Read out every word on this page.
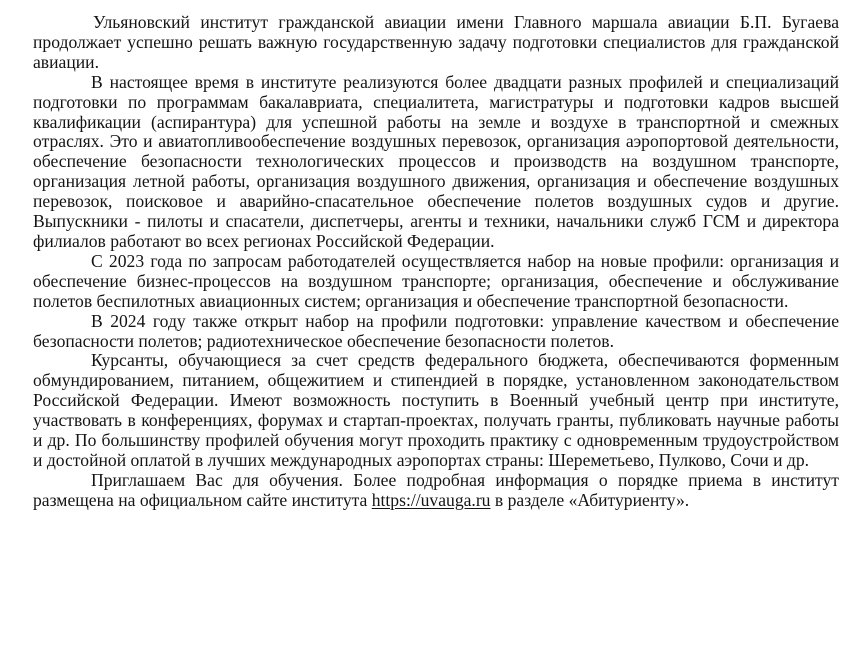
Ульяновский институт гражданской авиации имени Главного маршала авиации Б.П. Бугаева продолжает успешно решать важную государственную задачу подготовки специалистов для гражданской авиации.

В настоящее время в институте реализуются более двадцати разных профилей и специализаций подготовки по программам бакалавриата, специалитета, магистратуры и подготовки кадров высшей квалификации (аспирантура) для успешной работы на земле и воздухе в транспортной и смежных отраслях. Это и авиатопливообеспечение воздушных перевозок, организация аэропортовой деятельности, обеспечение безопасности технологических процессов и производств на воздушном транспорте, организация летной работы, организация воздушного движения, организация и обеспечение воздушных перевозок, поисковое и аварийно-спасательное обеспечение полетов воздушных судов и другие. Выпускники - пилоты и спасатели, диспетчеры, агенты и техники, начальники служб ГСМ и директора филиалов работают во всех регионах Российской Федерации.

С 2023 года по запросам работодателей осуществляется набор на новые профили: организация и обеспечение бизнес-процессов на воздушном транспорте; организация, обеспечение и обслуживание полетов беспилотных авиационных систем; организация и обеспечение транспортной безопасности.

В 2024 году также открыт набор на профили подготовки: управление качеством и обеспечение безопасности полетов; радиотехническое обеспечение безопасности полетов.

Курсанты, обучающиеся за счет средств федерального бюджета, обеспечиваются форменным обмундированием, питанием, общежитием и стипендией в порядке, установленном законодательством Российской Федерации. Имеют возможность поступить в Военный учебный центр при институте, участвовать в конференциях, форумах и стартап-проектах, получать гранты, публиковать научные работы и др. По большинству профилей обучения могут проходить практику с одновременным трудоустройством и достойной оплатой в лучших международных аэропортах страны: Шереметьево, Пулково, Сочи и др.

Приглашаем Вас для обучения. Более подробная информация о порядке приема в институт размещена на официальном сайте института https://uvauga.ru в разделе «Абитуриенту».
